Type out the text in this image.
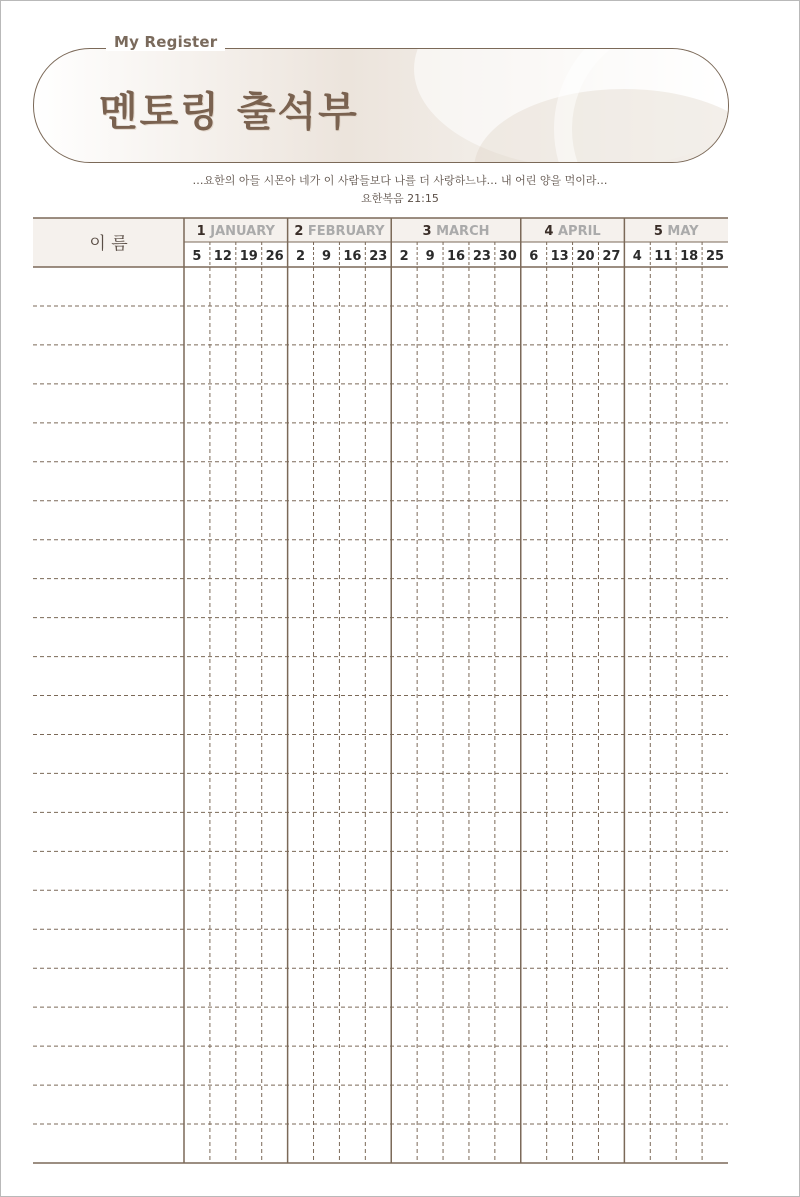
My Register
멘토링 출석부
…요한의 아들 시몬아 네가 이 사람들보다 나를 더 사랑하느냐… 내 어린 양을 먹이라…
요한복음 21:15
이 름
1 JANUARY
5 12 19 26
2 FEBRUARY
2 9 16 23
3 MARCH
2 9 16 23 30
4 APRIL
6 13 20 27
5 MAY
4 11 18 25
